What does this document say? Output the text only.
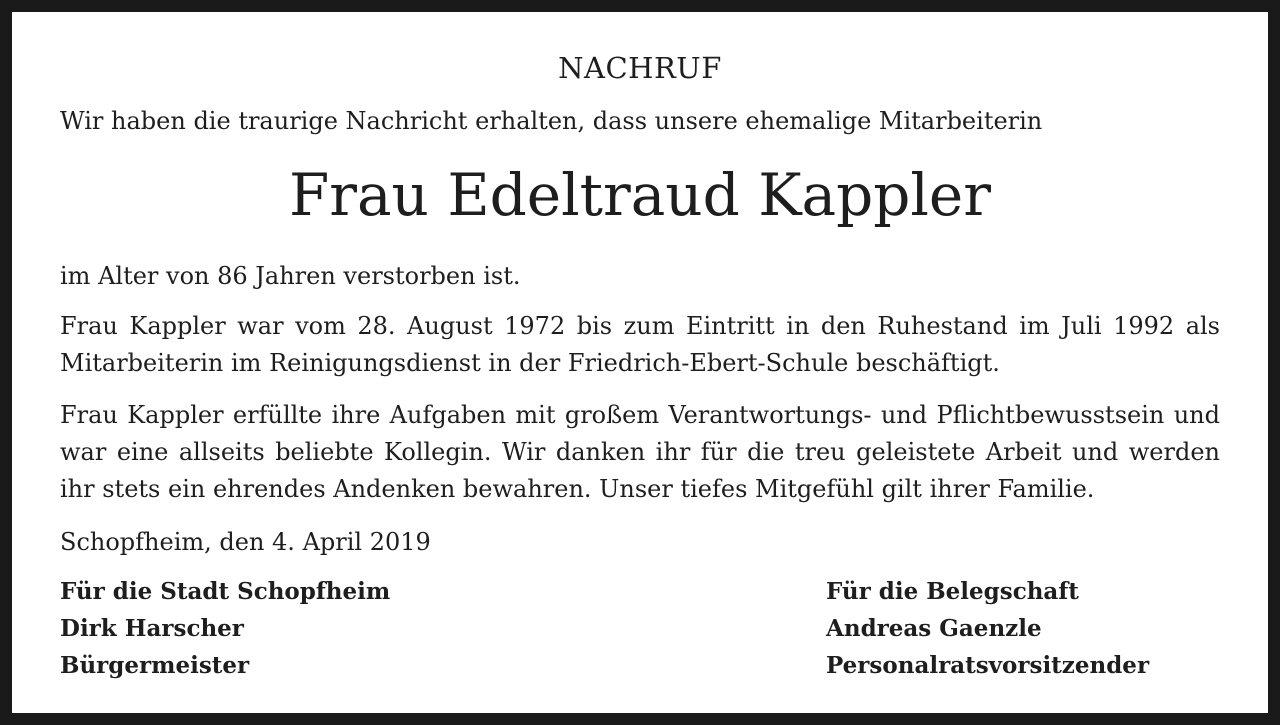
NACHRUF
Wir haben die traurige Nachricht erhalten, dass unsere ehemalige Mitarbeiterin
Frau Edeltraud Kappler
im Alter von 86 Jahren verstorben ist.
Frau Kappler war vom 28. August 1972 bis zum Eintritt in den Ruhestand im Juli 1992 als Mitarbeiterin im Reinigungsdienst in der Friedrich-Ebert-Schule beschäftigt.
Frau Kappler erfüllte ihre Aufgaben mit großem Verantwortungs- und Pflichtbewusstsein und war eine allseits beliebte Kollegin. Wir danken ihr für die treu geleistete Arbeit und werden ihr stets ein ehrendes Andenken bewahren. Unser tiefes Mitgefühl gilt ihrer Familie.
Schopfheim, den 4. April 2019
Für die Stadt Schopfheim
Dirk Harscher
Bürgermeister
Für die Belegschaft
Andreas Gaenzle
Personalratsvorsitzender
